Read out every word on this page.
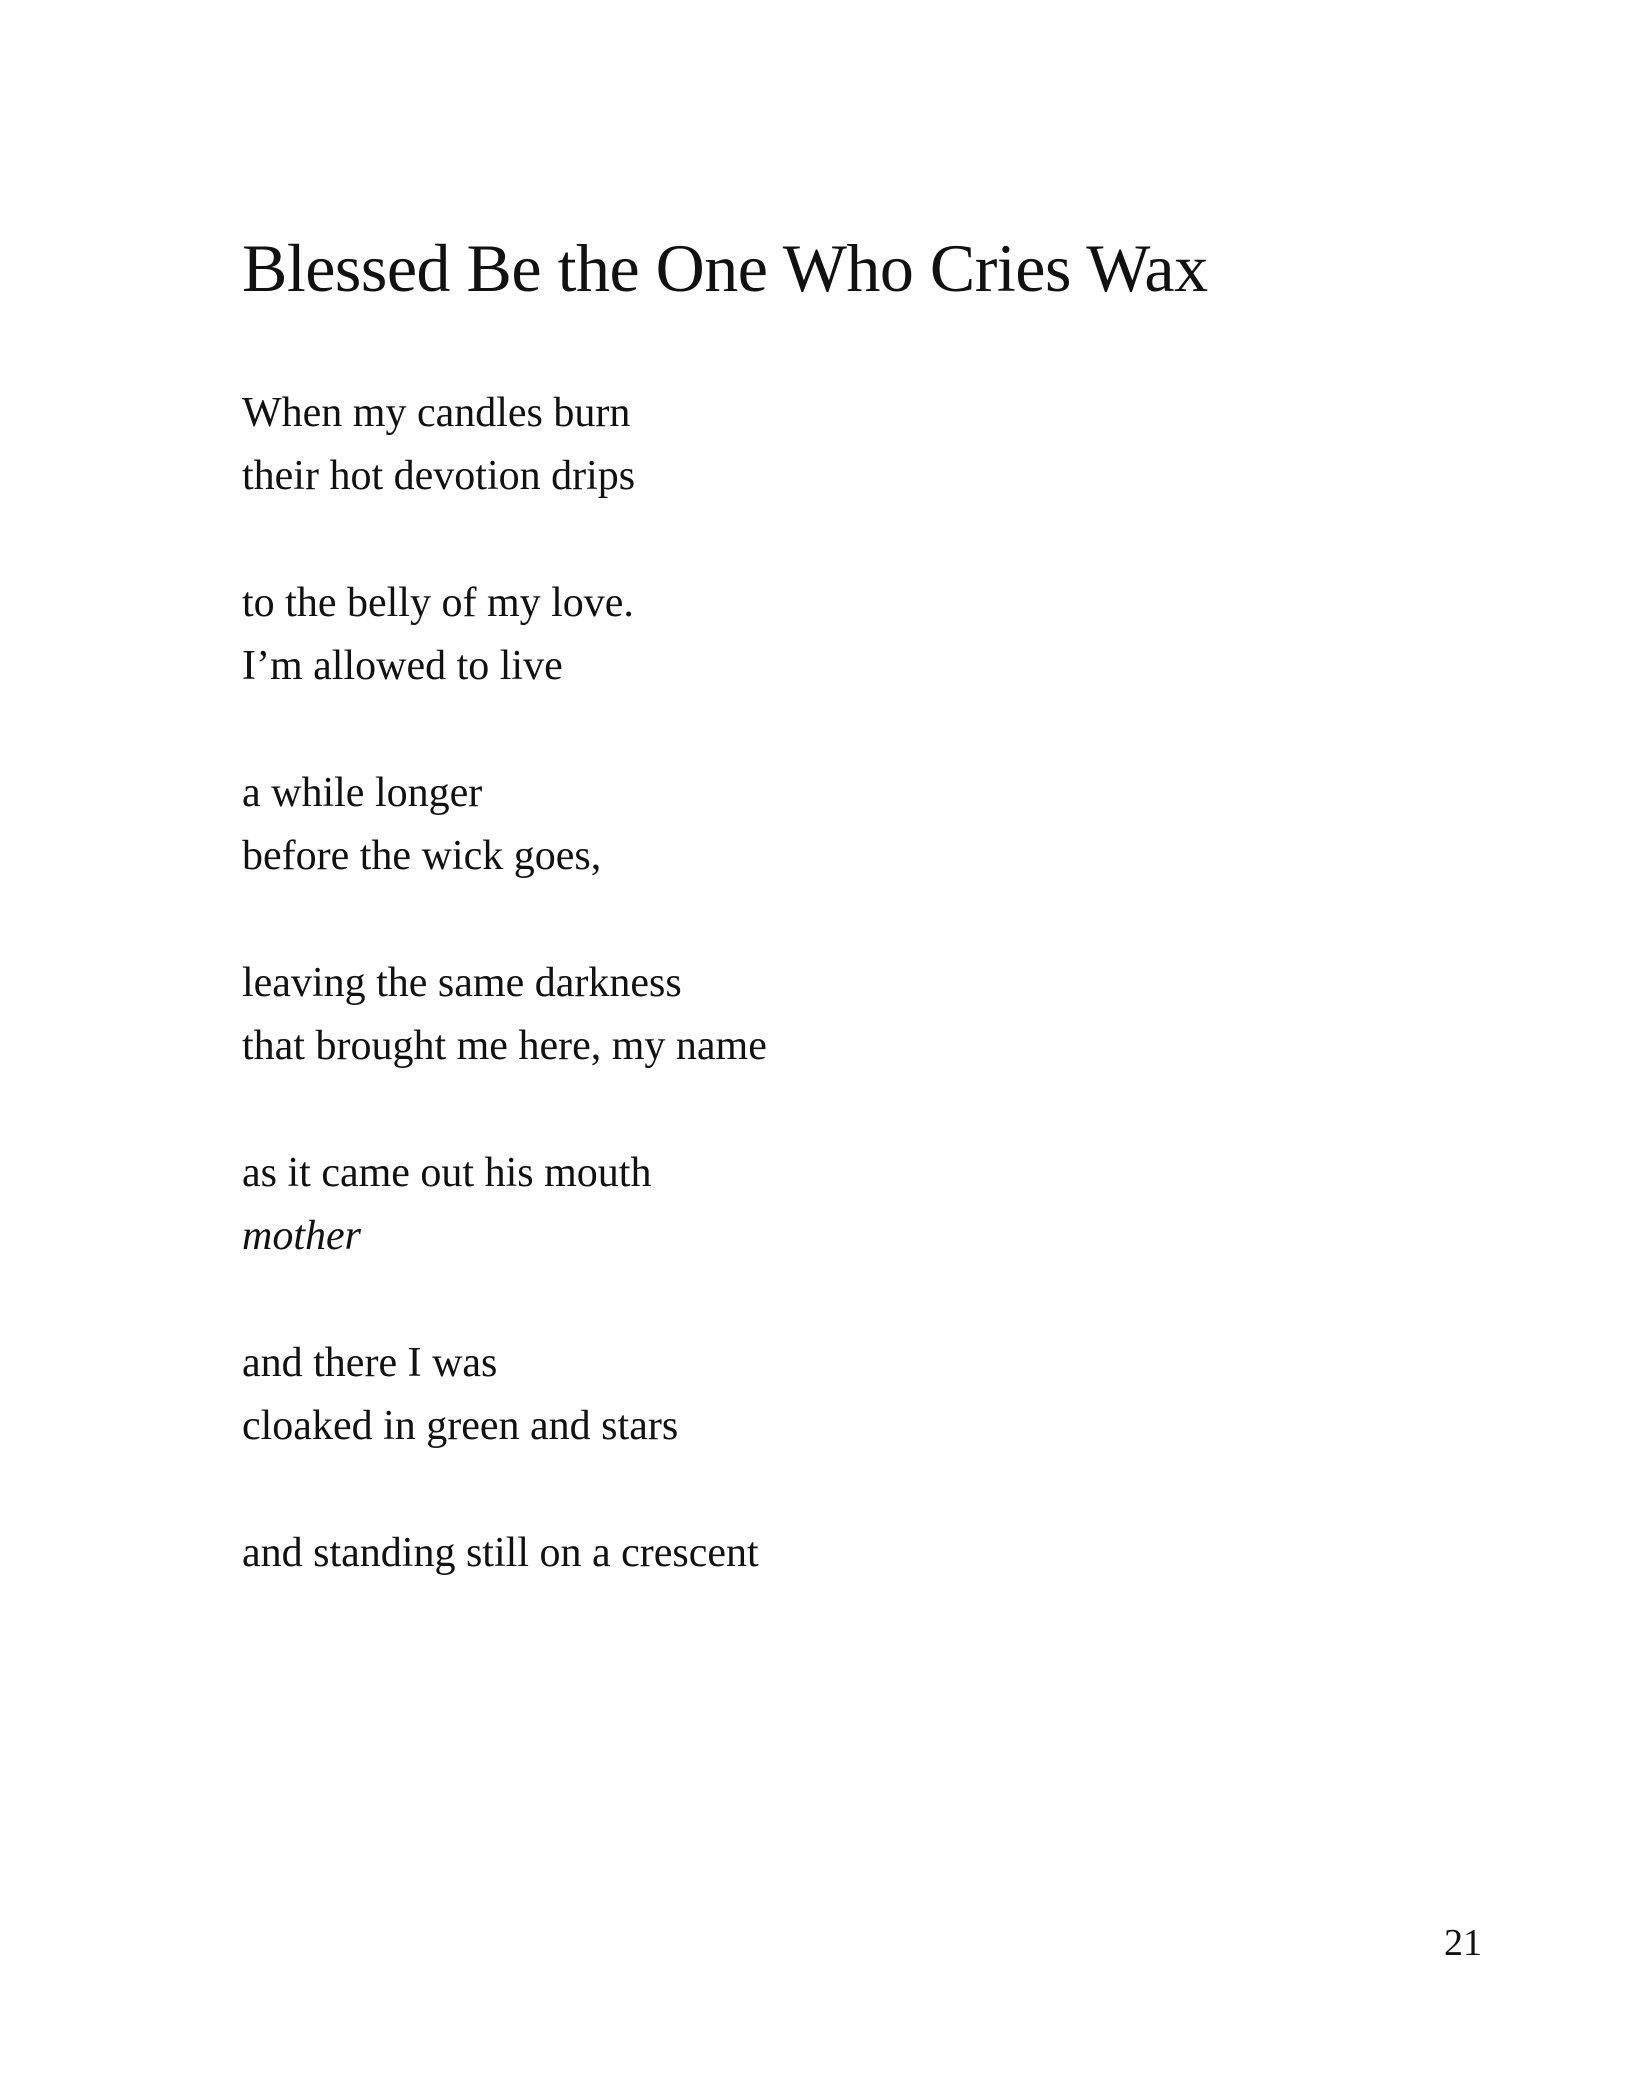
Blessed Be the One Who Cries Wax
When my candles burn
their hot devotion drips
to the belly of my love.
I’m allowed to live
a while longer
before the wick goes,
leaving the same darkness
that brought me here, my name
as it came out his mouth
mother
and there I was
cloaked in green and stars
and standing still on a crescent
21
